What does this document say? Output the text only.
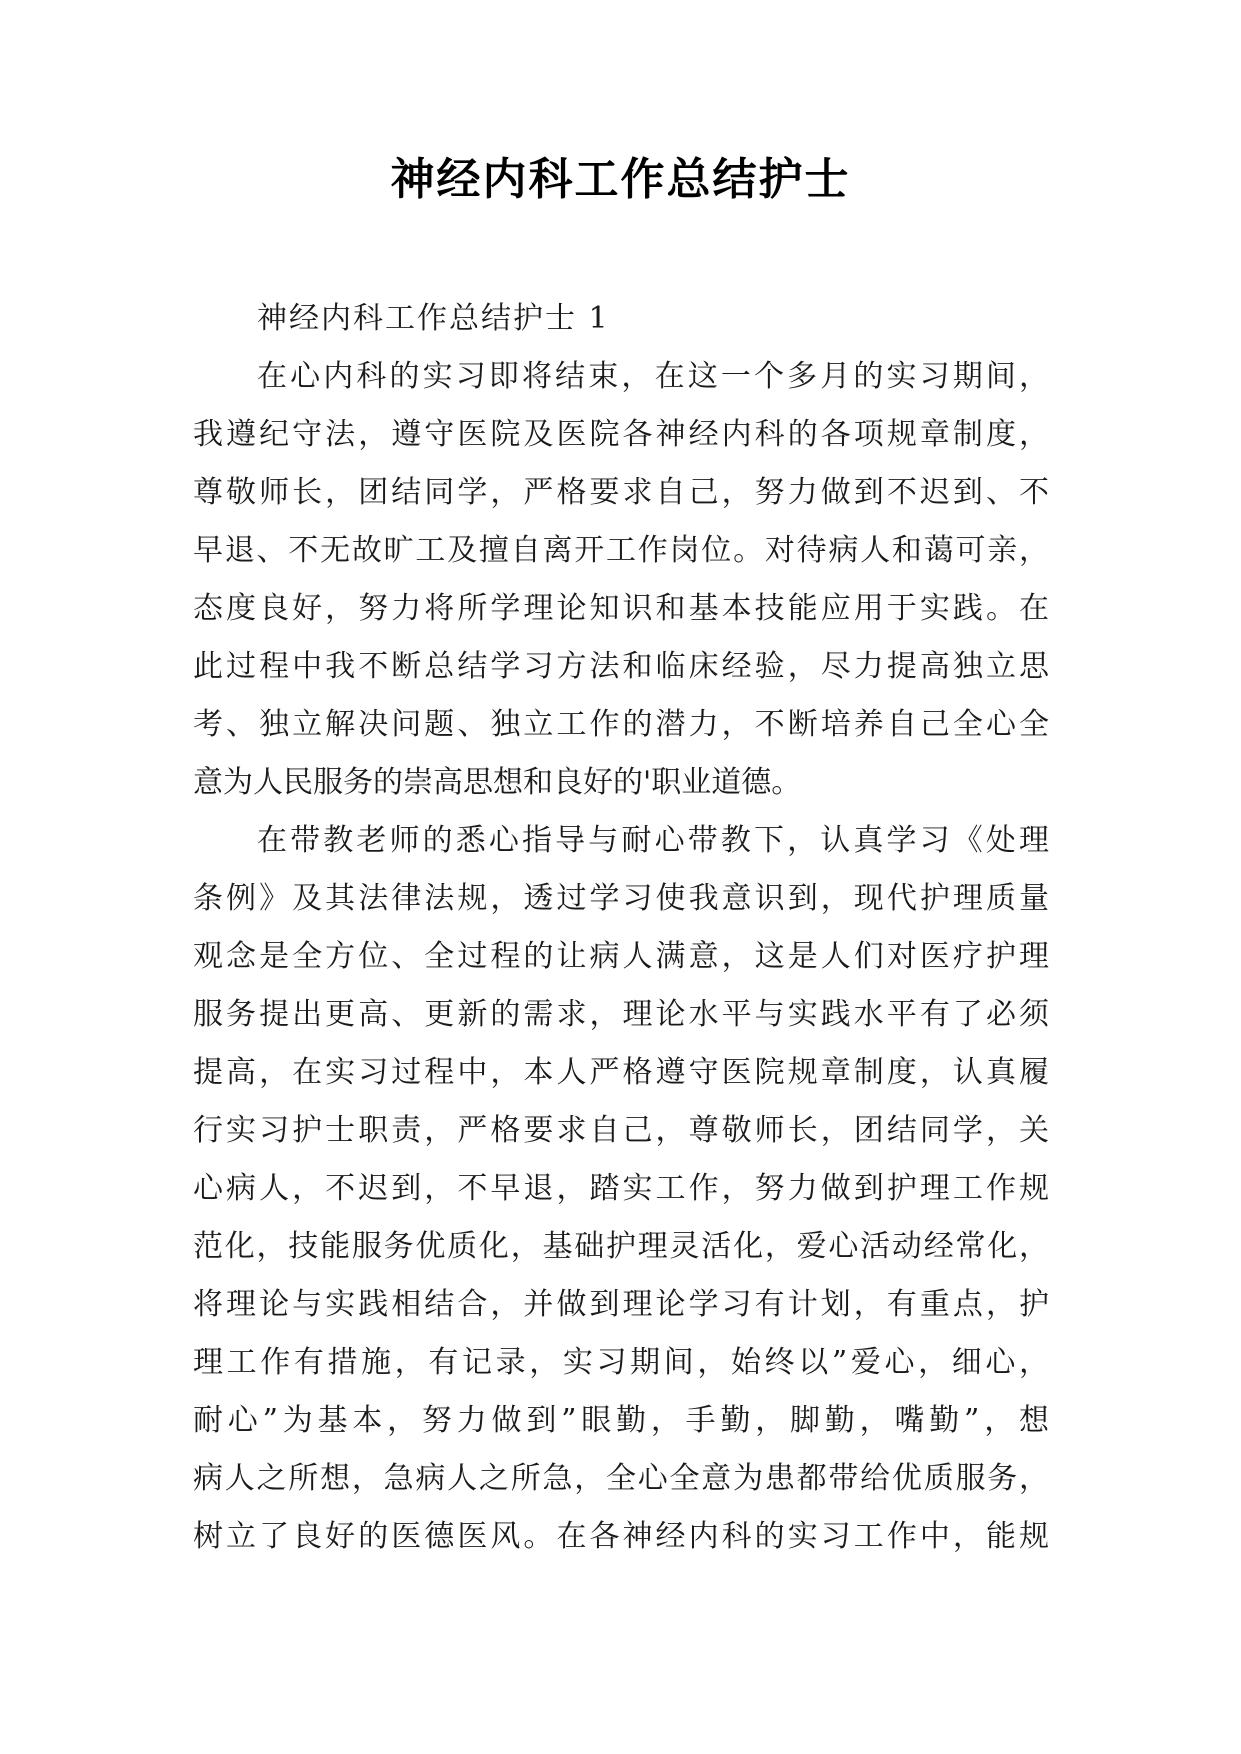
神经内科工作总结护士
神经内科工作总结护士 1
在心内科的实习即将结束，在这一个多月的实习期间，
我遵纪守法，遵守医院及医院各神经内科的各项规章制度，
尊敬师长，团结同学，严格要求自己，努力做到不迟到、不
早退、不无故旷工及擅自离开工作岗位。对待病人和蔼可亲，
态度良好，努力将所学理论知识和基本技能应用于实践。在
此过程中我不断总结学习方法和临床经验，尽力提高独立思
考、独立解决问题、独立工作的潜力，不断培养自己全心全
意为人民服务的崇高思想和良好的'职业道德。
在带教老师的悉心指导与耐心带教下，认真学习《处理
条例》及其法律法规，透过学习使我意识到，现代护理质量
观念是全方位、全过程的让病人满意，这是人们对医疗护理
服务提出更高、更新的需求，理论水平与实践水平有了必须
提高，在实习过程中，本人严格遵守医院规章制度，认真履
行实习护士职责，严格要求自己，尊敬师长，团结同学，关
心病人，不迟到，不早退，踏实工作，努力做到护理工作规
范化，技能服务优质化，基础护理灵活化，爱心活动经常化，
将理论与实践相结合，并做到理论学习有计划，有重点，护
理工作有措施，有记录，实习期间，始终以”爱心，细心，
耐心”为基本，努力做到”眼勤，手勤，脚勤，嘴勤”，想
病人之所想，急病人之所急，全心全意为患都带给优质服务，
树立了良好的医德医风。在各神经内科的实习工作中，能规
